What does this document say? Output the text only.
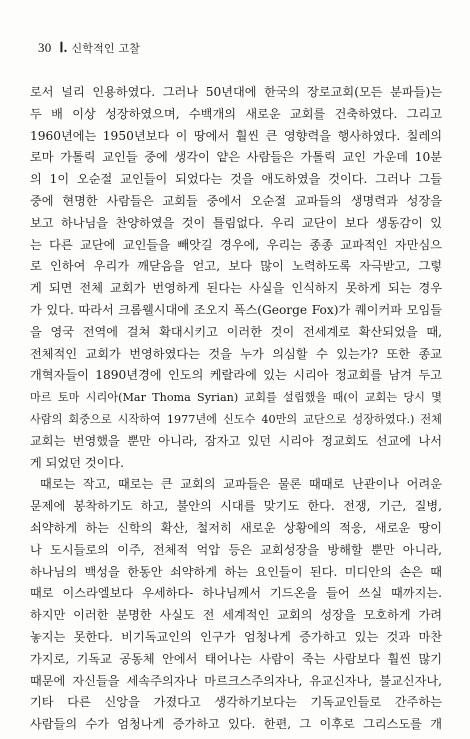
30 Ⅰ. 신학적인 고찰
로서 널리 인용하였다. 그러나 50년대에 한국의 장로교회(모든 분파들)는
두 배 이상 성장하였으며, 수백개의 새로운 교회를 건축하였다. 그리고
1960년에는 1950년보다 이 땅에서 훨씬 큰 영향력을 행사하였다. 칠레의
로마 가톨릭 교인들 중에 생각이 얕은 사람들은 가톨릭 교인 가운데 10분
의 1이 오순절 교인들이 되었다는 것을 애도하였을 것이다. 그러나 그들
중에 현명한 사람들은 교회들 중에서 오순절 교파들의 생명력과 성장을
보고 하나님을 찬양하였을 것이 틀림없다. 우리 교단이 보다 생동감이 있
는 다른 교단에 교인들을 빼앗길 경우에, 우리는 종종 교파적인 자만심으
로 인하여 우리가 깨닫음을 얻고, 보다 많이 노력하도록 자극받고, 그렇
게 되면 전체 교회가 번영하게 된다는 사실을 인식하지 못하게 되는 경우
가 있다. 따라서 크롬웰시대에 조오지 폭스(George Fox)가 퀘이커파 모임들
을 영국 전역에 걸쳐 확대시키고 이러한 것이 전세계로 확산되었을 때,
전체적인 교회가 번영하였다는 것을 누가 의심할 수 있는가? 또한 종교
개혁자들이 1890년경에 인도의 케랄라에 있는 시리아 정교회를 남겨 두고
마르 토마 시리아(Mar Thoma Syrian) 교회를 설립했을 때(이 교회는 당시 몇
사람의 회중으로 시작하여 1977년에 신도수 40만의 교단으로 성장하였다.) 전체
교회는 번영했을 뿐만 아니라, 잠자고 있던 시리아 정교회도 선교에 나서
게 되었던 것이다.
때로는 작고, 때로는 큰 교회의 교파들은 물론 때때로 난관이나 어려운
문제에 봉착하기도 하고, 불안의 시대를 맞기도 한다. 전쟁, 기근, 질병,
쇠약하게 하는 신학의 확산, 철저히 새로운 상황에의 적응, 새로운 땅이
나 도시들로의 이주, 전체적 억압 등은 교회성장을 방해할 뿐만 아니라,
하나님의 백성을 한동안 쇠약하게 하는 요인들이 된다. 미디안의 손은 때
때로 이스라엘보다 우세하다- 하나님께서 기드온을 들어 쓰실 때까지는.
하지만 이러한 분명한 사실도 전 세계적인 교회의 성장을 모호하게 가려
놓지는 못한다. 비기독교인의 인구가 엄청나게 증가하고 있는 것과 마찬
가지로, 기독교 공동체 안에서 태어나는 사람이 죽는 사람보다 훨씬 많기
때문에 자신들을 세속주의자나 마르크스주의자나, 유교신자나, 불교신자나,
기타 다른 신앙을 가졌다고 생각하기보다는 기독교인들로 간주하는
사람들의 수가 엄청나게 증가하고 있다. 한편, 그 이후로 그리스도를 개
